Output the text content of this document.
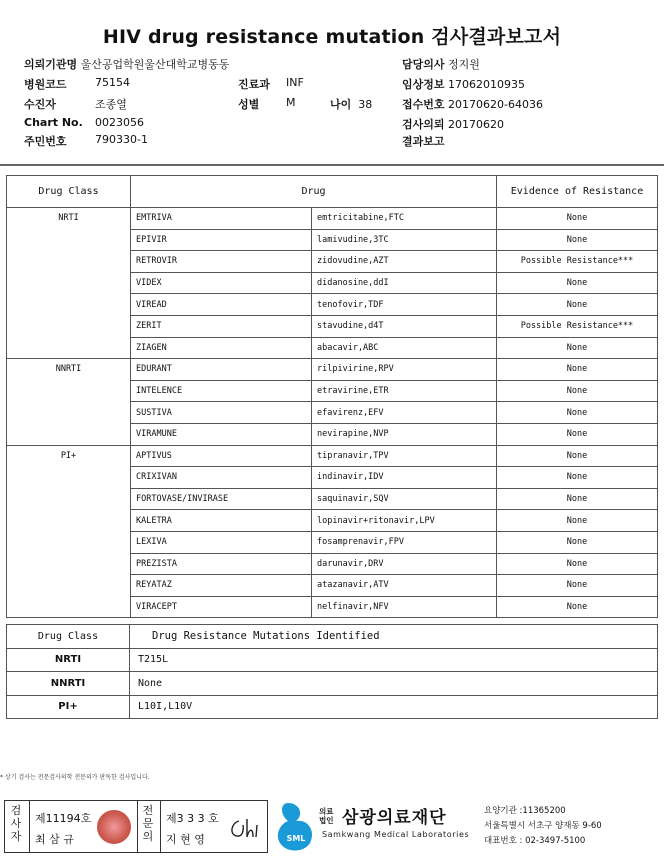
HIV drug resistance mutation 검사결과보고서
의뢰기관명 울산공업학원울산대학교병동동	담당의사 정지원
병원코드	75154	진료과 INF	임상정보 17062010935
수진자	조종열	성별 M	나이 38	접수번호 20170620-64036
Chart No. 0023056	검사의뢰 20170620
주민번호	790330-1	결과보고
Drug Class	Drug		Evidence of Resistance
NRTI	EMTRIVA	emtricitabine,FTC	None
	EPIVIR	lamivudine,3TC	None
	RETROVIR	zidovudine,AZT	Possible Resistance***
	VIDEX	didanosine,ddI	None
	VIREAD	tenofovir,TDF	None
	ZERIT	stavudine,d4T	Possible Resistance***
	ZIAGEN	abacavir,ABC	None
NNRTI	EDURANT	rilpivirine,RPV	None
	INTELENCE	etravirine,ETR	None
	SUSTIVA	efavirenz,EFV	None
	VIRAMUNE	nevirapine,NVP	None
PI+	APTIVUS	tipranavir,TPV	None
	CRIXIVAN	indinavir,IDV	None
	FORTOVASE/INVIRASE	saquinavir,SQV	None
	KALETRA	lopinavir+ritonavir,LPV	None
	LEXIVA	fosamprenavir,FPV	None
	PREZISTA	darunavir,DRV	None
	REYATAZ	atazanavir,ATV	None
	VIRACEPT	nelfinavir,NFV	None
Drug Class	Drug Resistance Mutations Identified
NRTI	T215L
NNRTI	None
PI+	L10I,L10V
* 상기 검사는 전문검사의학 전문의가 판독한 검사입니다.
검사자
제11194호
최 삼 규
전문의
제3 3 3 호
지 현 영	SML
의료
법인 삼광의료재단
Samkwang Medical Laboratories
요양기관 :11365200
서울특별시 서초구 양재동 9-60
대표번호 : 02-3497-5100
